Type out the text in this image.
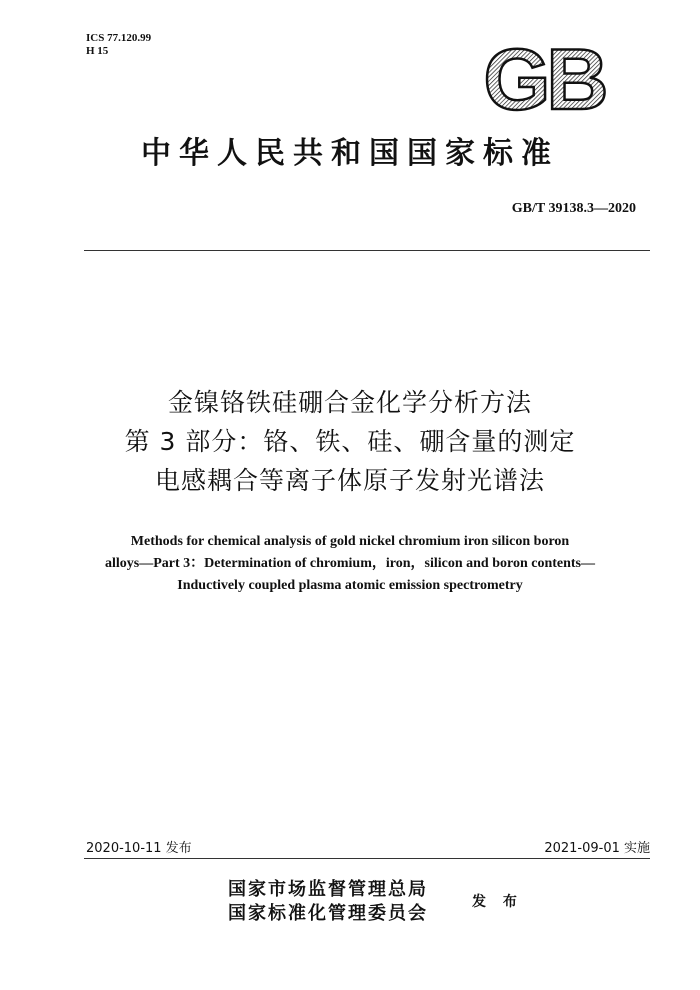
ICS 77.120.99
H 15	GB
中华人民共和国国家标准
GB/T 39138.3—2020
金镍铬铁硅硼合金化学分析方法
第 3 部分：铬、铁、硅、硼含量的测定
电感耦合等离子体原子发射光谱法
Methods for chemical analysis of gold nickel chromium iron silicon boron
alloys—Part 3：Determination of chromium，iron，silicon and boron contents—
Inductively coupled plasma atomic emission spectrometry
2020-10-11 发布	2021-09-01 实施
国家市场监督管理总局
国家标准化管理委员会
发 布
